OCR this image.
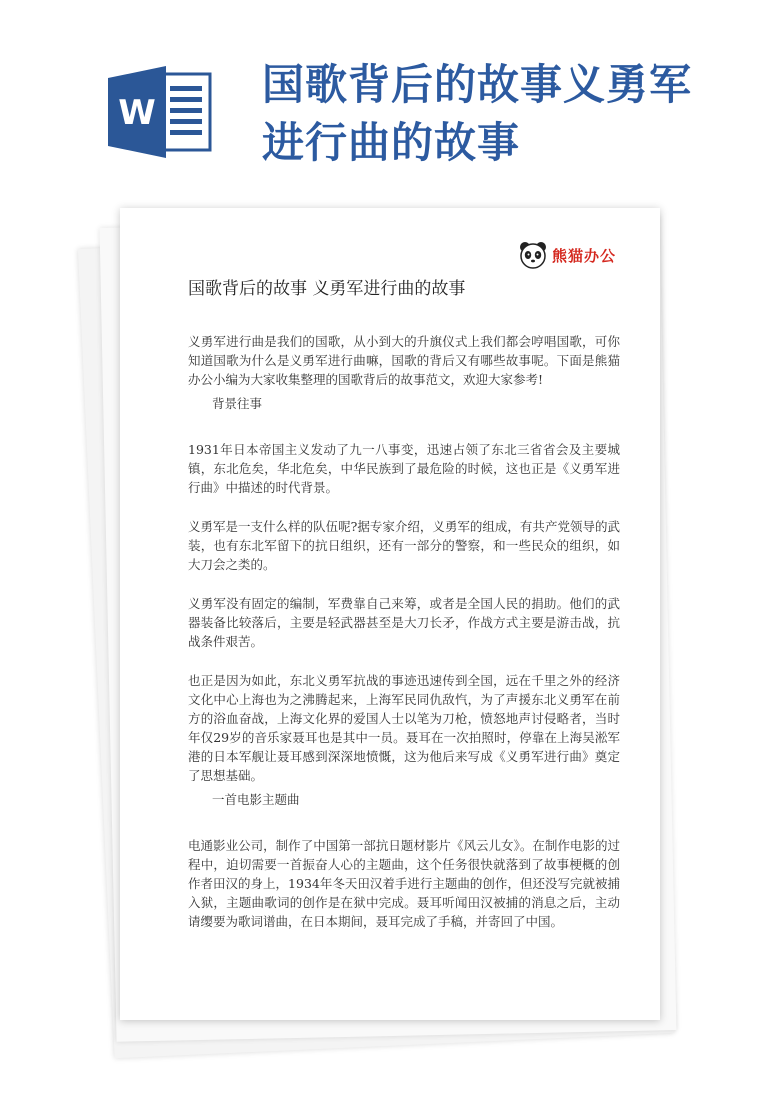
W
国歌背后的故事义勇军
进行曲的故事
熊猫办公
国歌背后的故事 义勇军进行曲的故事

义勇军进行曲是我们的国歌，从小到大的升旗仪式上我们都会哼唱国歌，可你知道国歌为什么是义勇军进行曲嘛，国歌的背后又有哪些故事呢。下面是熊猫办公小编为大家收集整理的国歌背后的故事范文，欢迎大家参考!

背景往事

1931年日本帝国主义发动了九一八事变，迅速占领了东北三省省会及主要城镇，东北危矣，华北危矣，中华民族到了最危险的时候，这也正是《义勇军进行曲》中描述的时代背景。

义勇军是一支什么样的队伍呢?据专家介绍，义勇军的组成，有共产党领导的武装，也有东北军留下的抗日组织，还有一部分的警察，和一些民众的组织，如大刀会之类的。

义勇军没有固定的编制，军费靠自己来筹，或者是全国人民的捐助。他们的武器装备比较落后，主要是轻武器甚至是大刀长矛，作战方式主要是游击战，抗战条件艰苦。

也正是因为如此，东北义勇军抗战的事迹迅速传到全国，远在千里之外的经济文化中心上海也为之沸腾起来，上海军民同仇敌忾，为了声援东北义勇军在前方的浴血奋战，上海文化界的爱国人士以笔为刀枪，愤怒地声讨侵略者，当时年仅29岁的音乐家聂耳也是其中一员。聂耳在一次拍照时，停靠在上海吴淞军港的日本军舰让聂耳感到深深地愤慨，这为他后来写成《义勇军进行曲》奠定了思想基础。

一首电影主题曲

电通影业公司，制作了中国第一部抗日题材影片《风云儿女》。在制作电影的过程中，迫切需要一首振奋人心的主题曲，这个任务很快就落到了故事梗概的创作者田汉的身上，1934年冬天田汉着手进行主题曲的创作，但还没写完就被捕入狱，主题曲歌词的创作是在狱中完成。聂耳听闻田汉被捕的消息之后，主动请缨要为歌词谱曲，在日本期间，聂耳完成了手稿，并寄回了中国。
